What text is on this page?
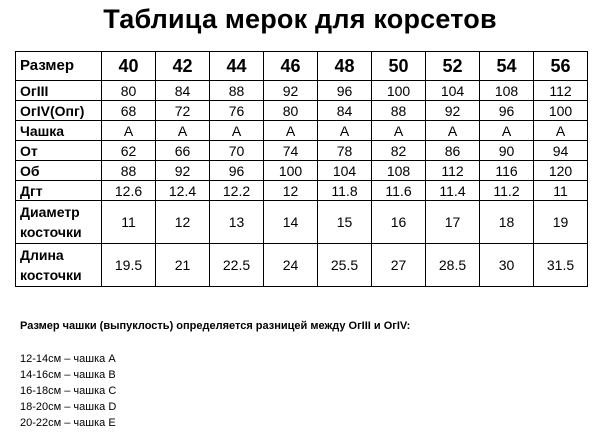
Таблица мерок для корсетов
Размер	40	42	44	46	48	50	52	54	56
OгIII	80	84	88	92	96	100	104	108	112
OгIV(Oпг)	68	72	76	80	84	88	92	96	100
Чашка	A	A	A	A	A	A	A	A	A
От	62	66	70	74	78	82	86	90	94
Об	88	92	96	100	104	108	112	116	120
Дгт	12.6	12.4	12.2	12	11.8	11.6	11.4	11.2	11
Диаметр косточки	11	12	13	14	15	16	17	18	19
Длина косточки	19.5	21	22.5	24	25.5	27	28.5	30	31.5

Размер чашки (выпуклость) определяется разницей между OгIII и OгIV:

12-14см – чашка A
14-16см – чашка B
16-18см – чашка C
18-20см – чашка D
20-22см – чашка E
